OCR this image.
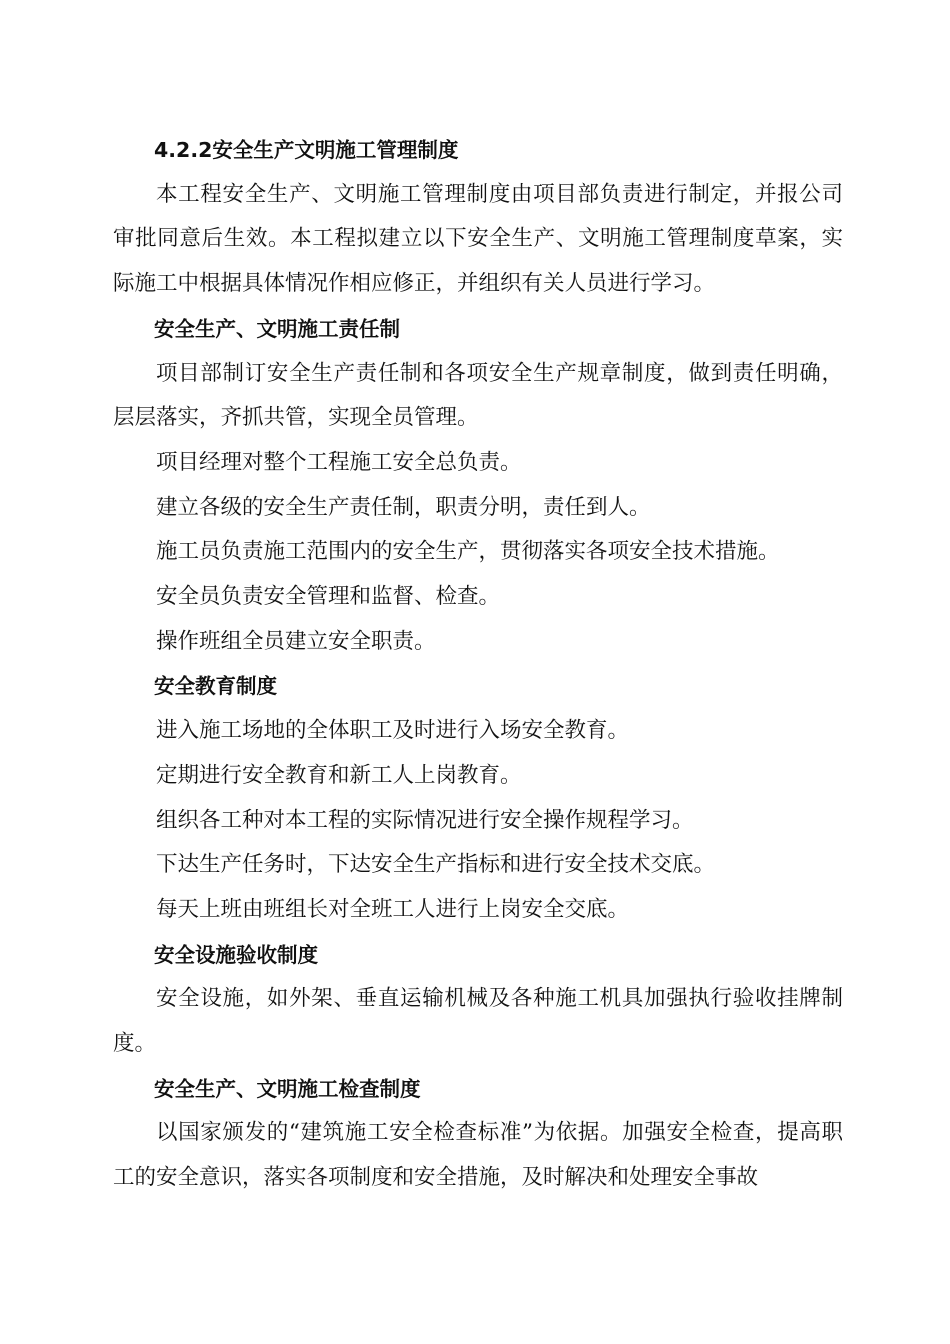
4.2.2安全生产文明施工管理制度

本工程安全生产、文明施工管理制度由项目部负责进行制定，并报公司审批同意后生效。本工程拟建立以下安全生产、文明施工管理制度草案，实际施工中根据具体情况作相应修正，并组织有关人员进行学习。

安全生产、文明施工责任制

项目部制订安全生产责任制和各项安全生产规章制度，做到责任明确，层层落实，齐抓共管，实现全员管理。

项目经理对整个工程施工安全总负责。

建立各级的安全生产责任制，职责分明，责任到人。

施工员负责施工范围内的安全生产，贯彻落实各项安全技术措施。

安全员负责安全管理和监督、检查。

操作班组全员建立安全职责。

安全教育制度

进入施工场地的全体职工及时进行入场安全教育。

定期进行安全教育和新工人上岗教育。

组织各工种对本工程的实际情况进行安全操作规程学习。

下达生产任务时，下达安全生产指标和进行安全技术交底。

每天上班由班组长对全班工人进行上岗安全交底。

安全设施验收制度

安全设施，如外架、垂直运输机械及各种施工机具加强执行验收挂牌制度。

安全生产、文明施工检查制度

以国家颁发的“建筑施工安全检查标准”为依据。加强安全检查，提高职工的安全意识，落实各项制度和安全措施，及时解决和处理安全事故
